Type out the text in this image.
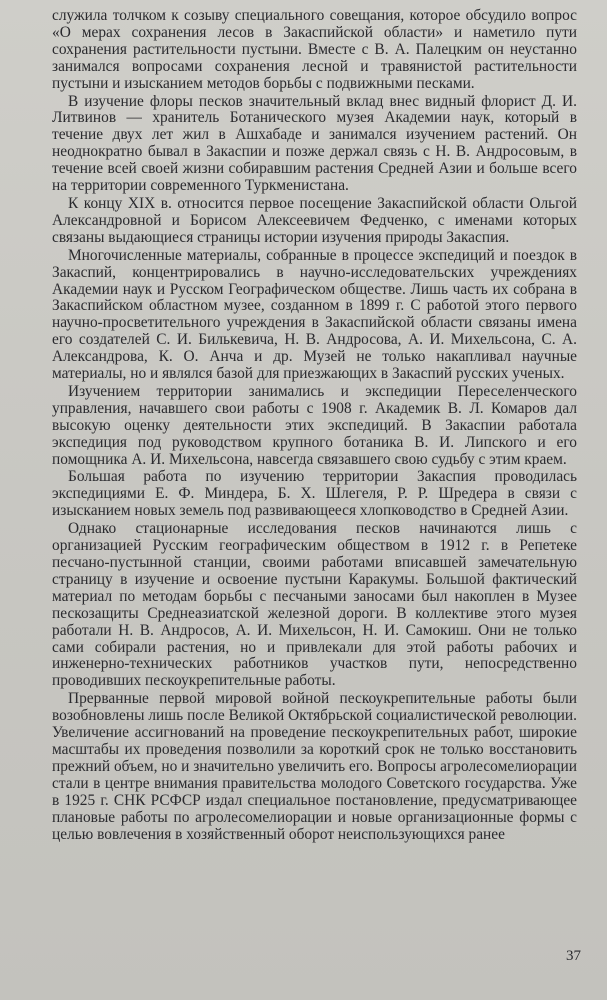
служила толчком к созыву специального совещания, которое обсудило вопрос «О мерах сохранения лесов в Закаспийской области» и наметило пути сохранения растительности пустыни. Вместе с В. А. Палецким он неустанно занимался вопросами сохранения лесной и травянистой растительности пустыни и изысканием методов борьбы с подвижными песками.

В изучение флоры песков значительный вклад внес видный флорист Д. И. Литвинов — хранитель Ботанического музея Академии наук, который в течение двух лет жил в Ашхабаде и занимался изучением растений. Он неоднократно бывал в Закаспии и позже держал связь с Н. В. Андросовым, в течение всей своей жизни собиравшим растения Средней Азии и больше всего на территории современного Туркменистана.

К концу XIX в. относится первое посещение Закаспийской области Ольгой Александровной и Борисом Алексеевичем Федченко, с именами которых связаны выдающиеся страницы истории изучения природы Закаспия.

Многочисленные материалы, собранные в процессе экспедиций и поездок в Закаспий, концентрировались в научно-исследовательских учреждениях Академии наук и Русском Географическом обществе. Лишь часть их собрана в Закаспийском областном музее, созданном в 1899 г. С работой этого первого научно-просветительного учреждения в Закаспийской области связаны имена его создателей С. И. Билькевича, Н. В. Андросова, А. И. Михельсона, С. А. Александрова, К. О. Анча и др. Музей не только накапливал научные материалы, но и являлся базой для приезжающих в Закаспий русских ученых.

Изучением территории занимались и экспедиции Переселенческого управления, начавшего свои работы с 1908 г. Академик В. Л. Комаров дал высокую оценку деятельности этих экспедиций. В Закаспии работала экспедиция под руководством крупного ботаника В. И. Липского и его помощника А. И. Михельсона, навсегда связавшего свою судьбу с этим краем.

Большая работа по изучению территории Закаспия проводилась экспедициями Е. Ф. Миндера, Б. Х. Шлегеля, Р. Р. Шредера в связи с изысканием новых земель под развивающееся хлопководство в Средней Азии.

Однако стационарные исследования песков начинаются лишь с организацией Русским географическим обществом в 1912 г. в Репетеке песчано-пустынной станции, своими работами вписавшей замечательную страницу в изучение и освоение пустыни Каракумы. Большой фактический материал по методам борьбы с песчаными заносами был накоплен в Музее пескозащиты Среднеазиатской железной дороги. В коллективе этого музея работали Н. В. Андросов, А. И. Михельсон, Н. И. Самокиш. Они не только сами собирали растения, но и привлекали для этой работы рабочих и инженерно-технических работников участков пути, непосредственно проводивших пескоукрепительные работы.

Прерванные первой мировой войной пескоукрепительные работы были возобновлены лишь после Великой Октябрьской социалистической революции. Увеличение ассигнований на проведение пескоукрепительных работ, широкие масштабы их проведения позволили за короткий срок не только восстановить прежний объем, но и значительно увеличить его. Вопросы агролесомелиорации стали в центре внимания правительства молодого Советского государства. Уже в 1925 г. СНК РСФСР издал специальное постановление, предусматривающее плановые работы по агролесомелиорации и новые организационные формы с целью вовлечения в хозяйственный оборот неиспользующихся ранее

37
